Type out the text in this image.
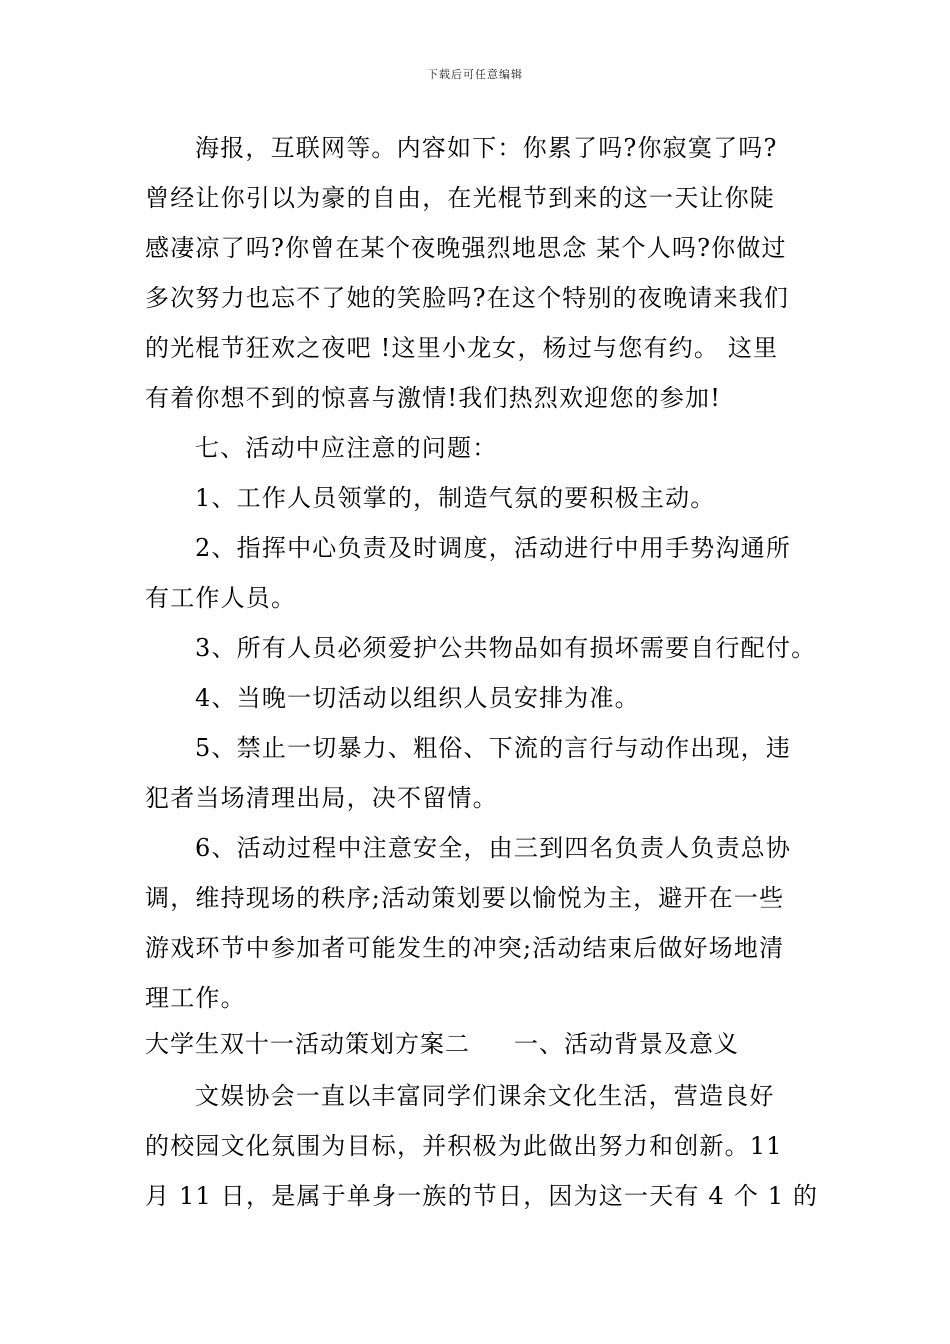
下载后可任意编辑
海报，互联网等。内容如下：你累了吗?你寂寞了吗?
曾经让你引以为豪的自由，在光棍节到来的这一天让你陡
感凄凉了吗?你曾在某个夜晚强烈地思念 某个人吗?你做过
多次努力也忘不了她的笑脸吗?在这个特别的夜晚请来我们
的光棍节狂欢之夜吧 !这里小龙女，杨过与您有约。 这里
有着你想不到的惊喜与激情!我们热烈欢迎您的参加!
七、活动中应注意的问题：
1、工作人员领掌的，制造气氛的要积极主动。
2、指挥中心负责及时调度，活动进行中用手势沟通所
有工作人员。
3、所有人员必须爱护公共物品如有损坏需要自行配付。
4、当晚一切活动以组织人员安排为准。
5、禁止一切暴力、粗俗、下流的言行与动作出现，违
犯者当场清理出局，决不留情。
6、活动过程中注意安全，由三到四名负责人负责总协
调，维持现场的秩序;活动策划要以愉悦为主，避开在一些
游戏环节中参加者可能发生的冲突;活动结束后做好场地清
理工作。
大学生双十一活动策划方案二 一、活动背景及意义
文娱协会一直以丰富同学们课余文化生活，营造良好
的校园文化氛围为目标，并积极为此做出努力和创新。11
月 11 日，是属于单身一族的节日，因为这一天有 4 个 1 的
